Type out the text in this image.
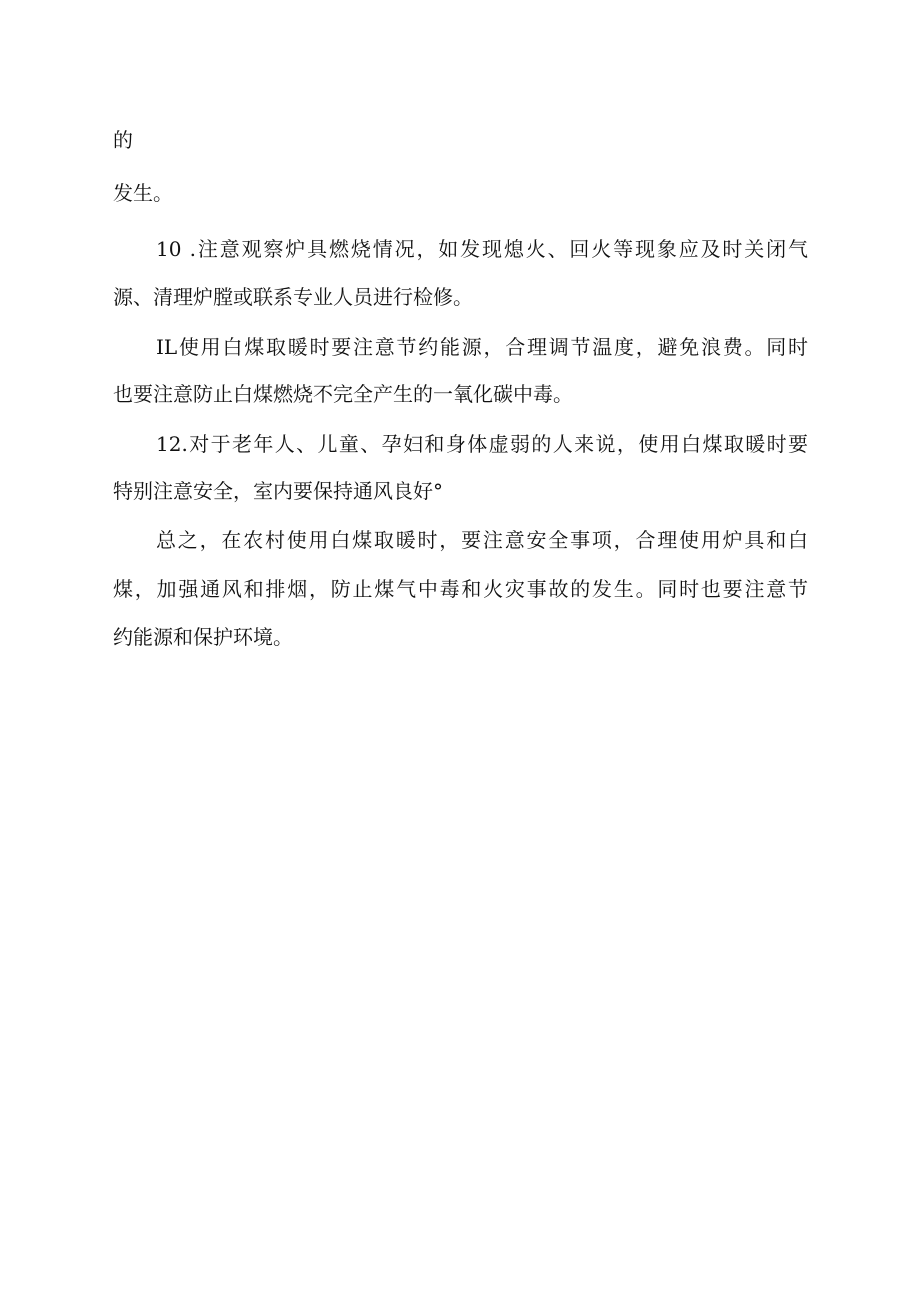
的
发生。
10 .注意观察炉具燃烧情况，如发现熄火、回火等现象应及时关闭气
源、清理炉膛或联系专业人员进行检修。
IL使用白煤取暖时要注意节约能源，合理调节温度，避免浪费。同时
也要注意防止白煤燃烧不完全产生的一氧化碳中毒。
12.对于老年人、儿童、孕妇和身体虚弱的人来说，使用白煤取暖时要
特别注意安全，室内要保持通风良好°
总之，在农村使用白煤取暖时，要注意安全事项，合理使用炉具和白
煤，加强通风和排烟，防止煤气中毒和火灾事故的发生。同时也要注意节
约能源和保护环境。
